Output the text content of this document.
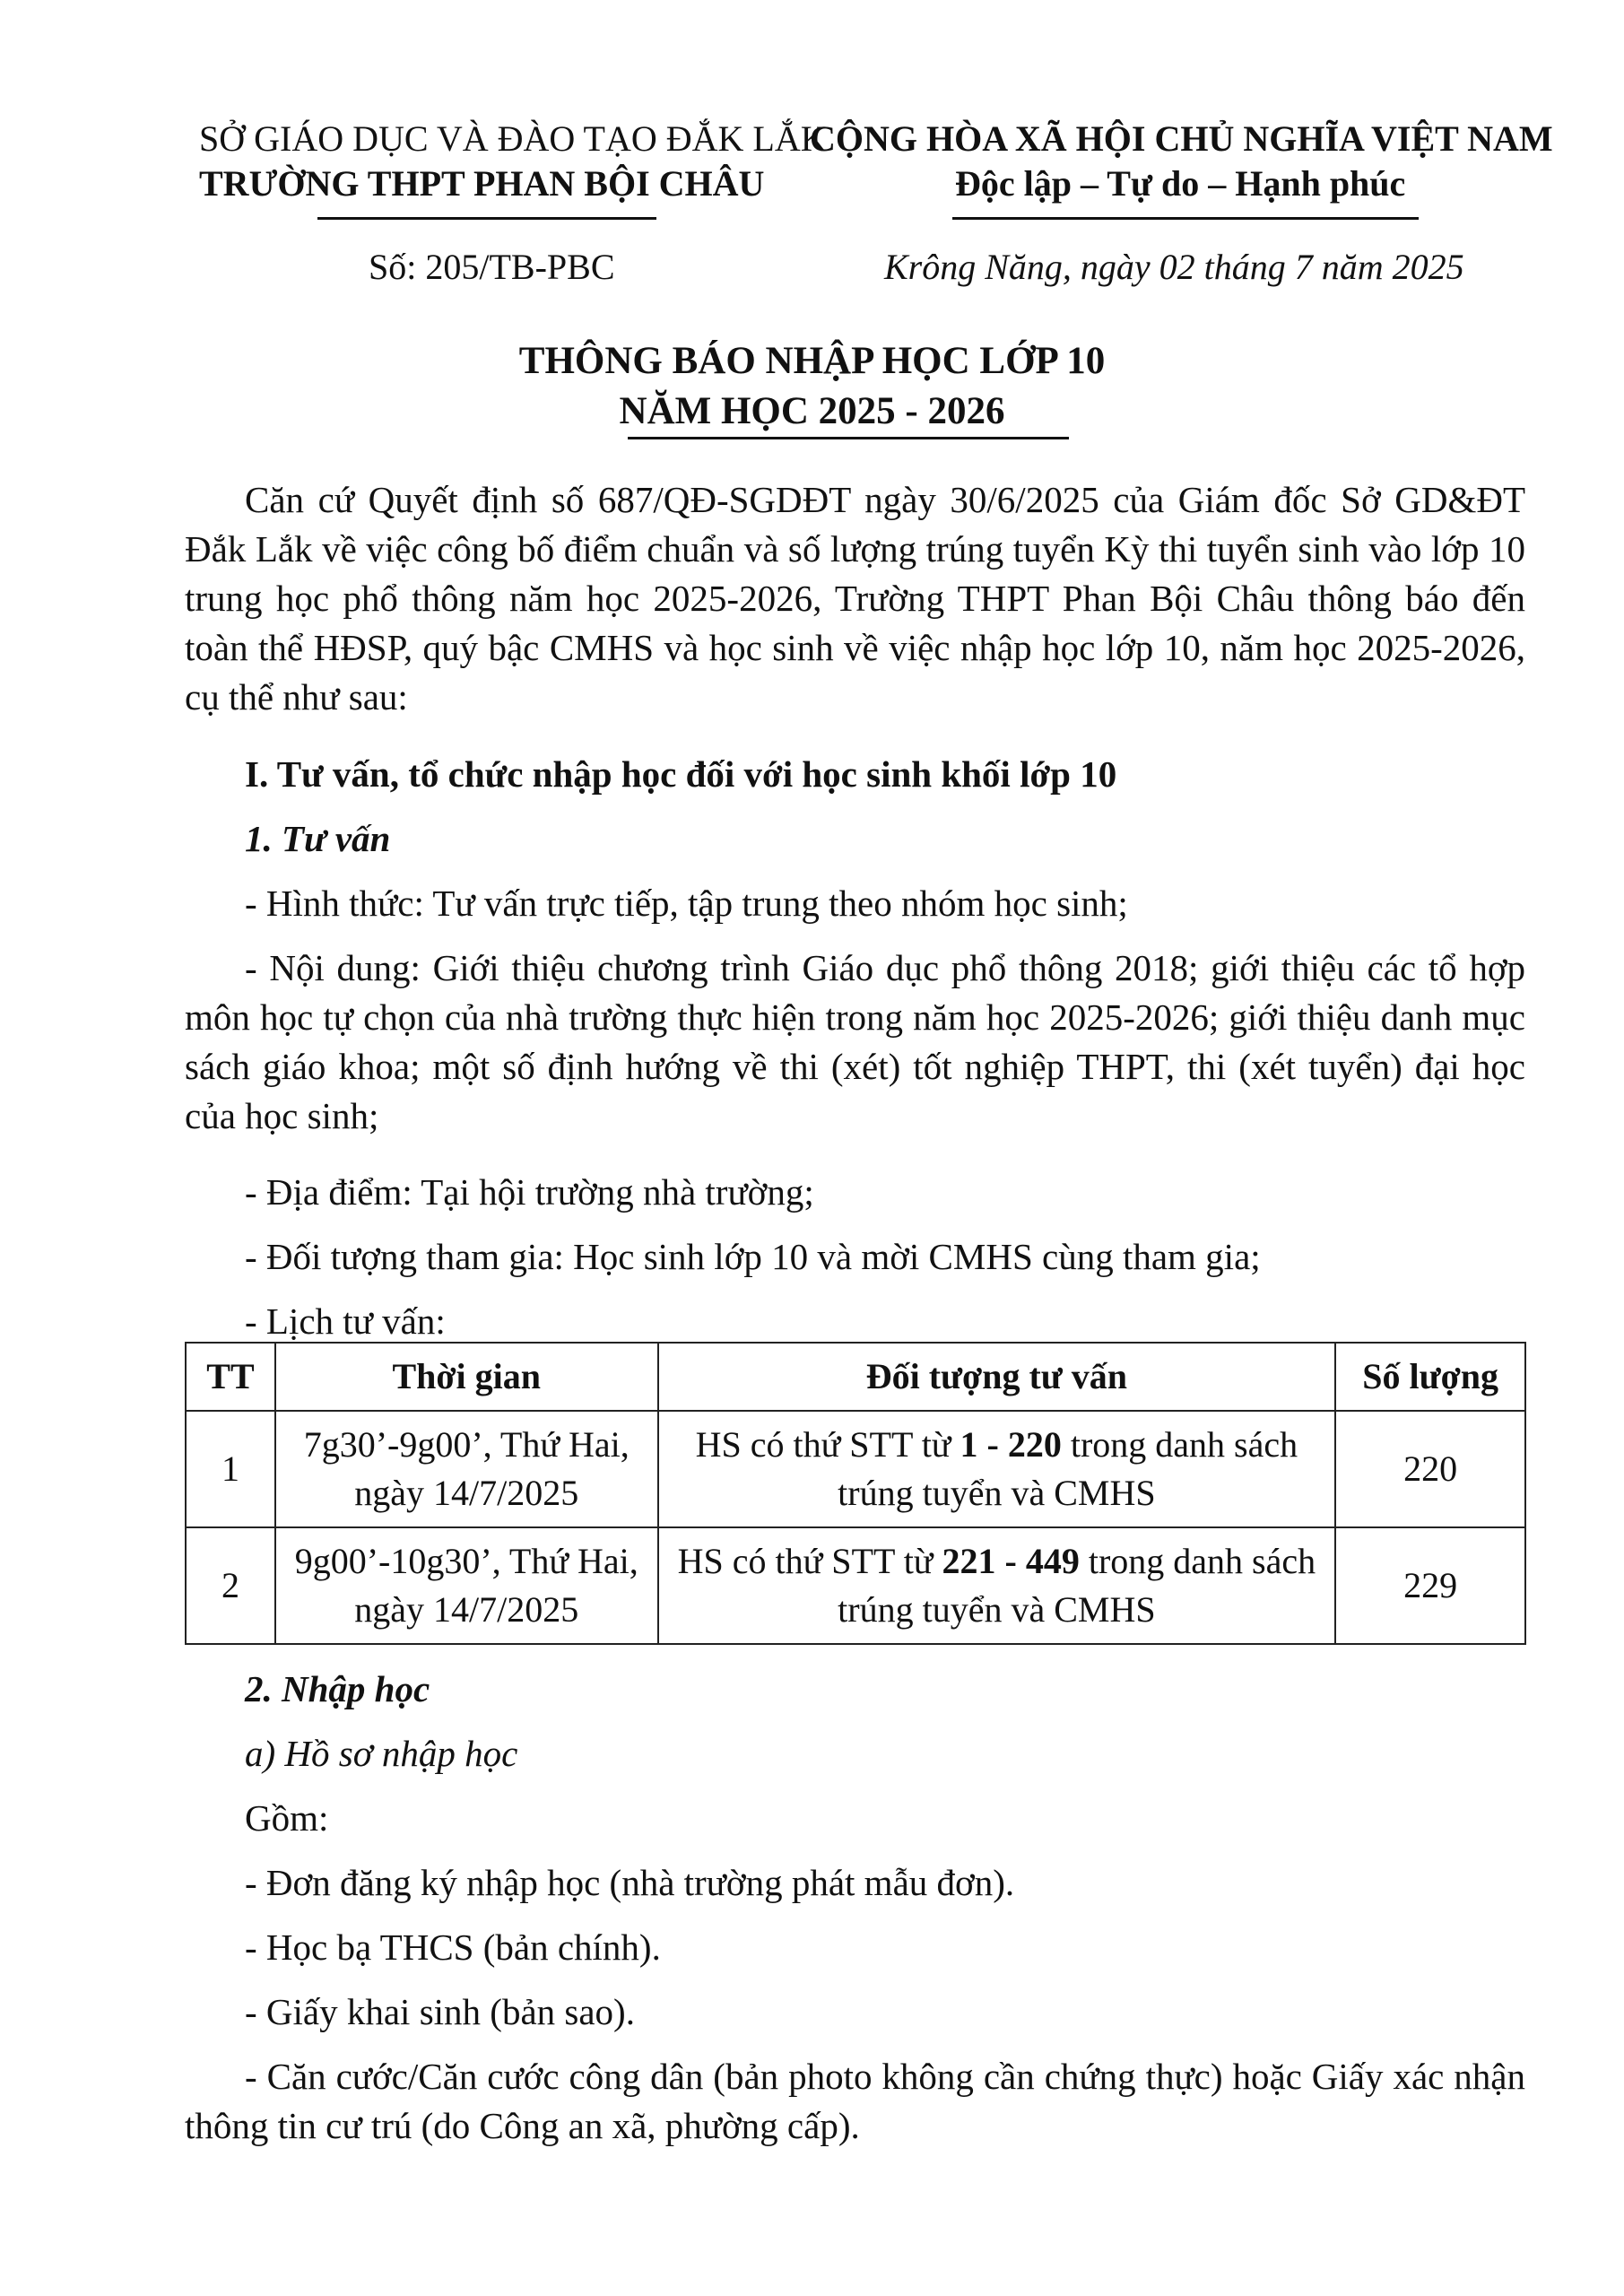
SỞ GIÁO DỤC VÀ ĐÀO TẠO ĐẮK LẮK
TRƯỜNG THPT PHAN BỘI CHÂU
CỘNG HÒA XÃ HỘI CHỦ NGHĨA VIỆT NAM
Độc lập – Tự do – Hạnh phúc
Số: 205/TB-PBC	Krông Năng, ngày 02 tháng 7 năm 2025
THÔNG BÁO NHẬP HỌC LỚP 10
NĂM HỌC 2025 - 2026
Căn cứ Quyết định số 687/QĐ-SGDĐT ngày 30/6/2025 của Giám đốc Sở GD&ĐT Đắk Lắk về việc công bố điểm chuẩn và số lượng trúng tuyển Kỳ thi tuyển sinh vào lớp 10 trung học phổ thông năm học 2025-2026, Trường THPT Phan Bội Châu thông báo đến toàn thể HĐSP, quý bậc CMHS và học sinh về việc nhập học lớp 10, năm học 2025-2026, cụ thể như sau:
I. Tư vấn, tổ chức nhập học đối với học sinh khối lớp 10
1. Tư vấn
- Hình thức: Tư vấn trực tiếp, tập trung theo nhóm học sinh;
- Nội dung: Giới thiệu chương trình Giáo dục phổ thông 2018; giới thiệu các tổ hợp môn học tự chọn của nhà trường thực hiện trong năm học 2025-2026; giới thiệu danh mục sách giáo khoa; một số định hướng về thi (xét) tốt nghiệp THPT, thi (xét tuyển) đại học của học sinh;
- Địa điểm: Tại hội trường nhà trường;
- Đối tượng tham gia: Học sinh lớp 10 và mời CMHS cùng tham gia;
- Lịch tư vấn:
TT	Thời gian	Đối tượng tư vấn	Số lượng
1	7g30’-9g00’, Thứ Hai, ngày 14/7/2025	HS có thứ STT từ 1 - 220 trong danh sách trúng tuyển và CMHS	220
2	9g00’-10g30’, Thứ Hai, ngày 14/7/2025	HS có thứ STT từ 221 - 449 trong danh sách trúng tuyển và CMHS	229
2. Nhập học
a) Hồ sơ nhập học
Gồm:
- Đơn đăng ký nhập học (nhà trường phát mẫu đơn).
- Học bạ THCS (bản chính).
- Giấy khai sinh (bản sao).
- Căn cước/Căn cước công dân (bản photo không cần chứng thực) hoặc Giấy xác nhận thông tin cư trú (do Công an xã, phường cấp).
